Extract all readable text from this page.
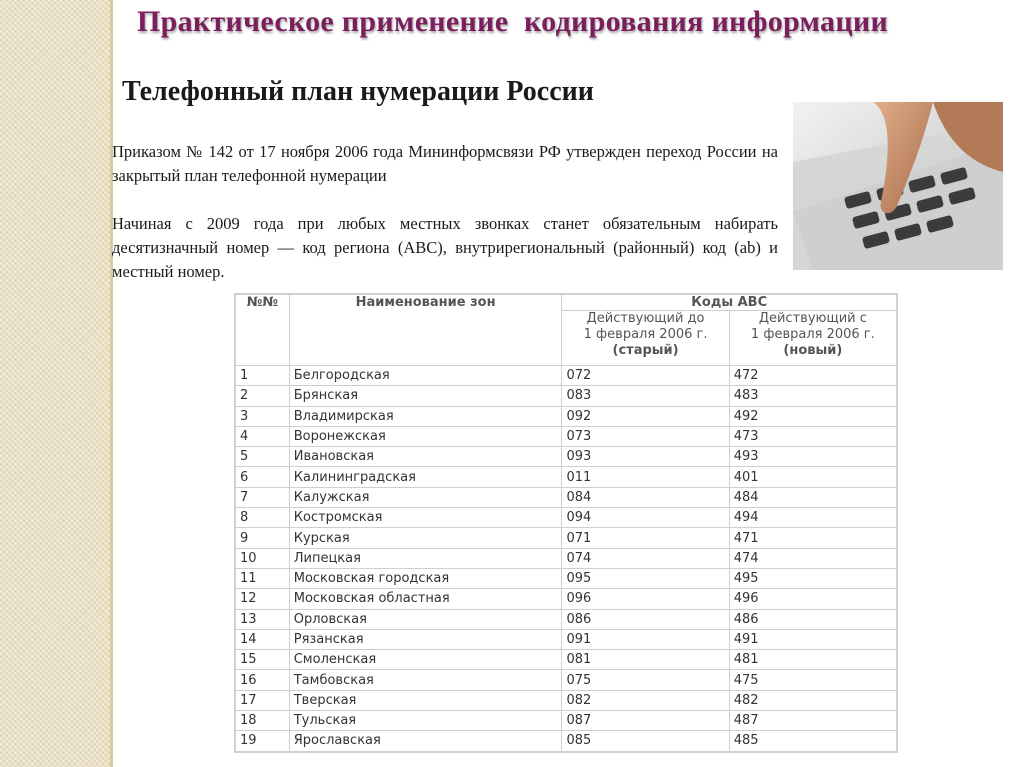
Практическое применение  кодирования информации
Телефонный план нумерации России

Приказом № 142 от 17 ноября 2006 года Мининформсвязи РФ утвержден переход России на закрытый план телефонной нумерации

Начиная с 2009 года при любых местных звонках станет обязательным набирать десятизначный номер — код региона (АВС), внутрирегиональный (районный) код (аb) и местный номер.

№№	Наименование зон	Коды АВС	
		Действующий до
1 февраля 2006 г.
(старый)	Действующий с
1 февраля 2006 г.
(новый)
1	Белгородская	072	472
2	Брянская	083	483
3	Владимирская	092	492
4	Воронежская	073	473
5	Ивановская	093	493
6	Калининградская	011	401
7	Калужская	084	484
8	Костромская	094	494
9	Курская	071	471
10	Липецкая	074	474
11	Московская городская	095	495
12	Московская областная	096	496
13	Орловская	086	486
14	Рязанская	091	491
15	Смоленская	081	481
16	Тамбовская	075	475
17	Тверская	082	482
18	Тульская	087	487
19	Ярославская	085	485
